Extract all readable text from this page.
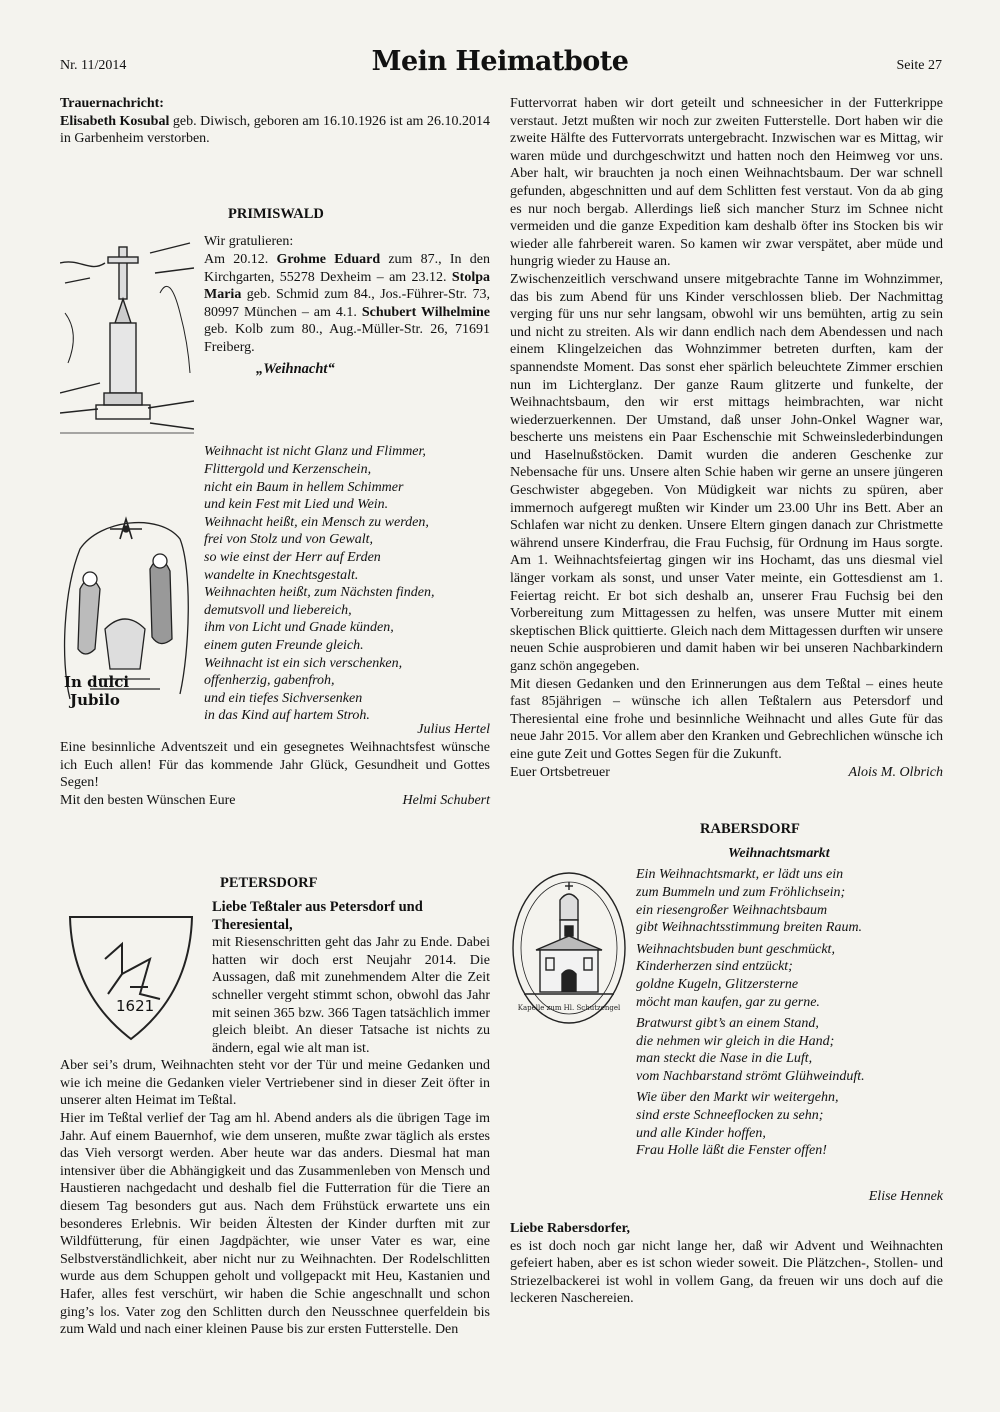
Nr. 11/2014	Mein Heimatbote	Seite 27
Trauernachricht:

Elisabeth Kosubal geb. Diwisch, geboren am 16.10.1926 ist am 26.10.2014 in Garbenheim verstorben.

PRIMISWALD
Wir gratulieren:

Am 20.12. Grohme Eduard zum 87., In den Kirchgarten, 55278 Dexheim – am 23.12. Stolpa Maria geb. Schmid zum 84., Jos.-Führer-Str. 73, 80997 München – am 4.1. Schubert Wilhelmine geb. Kolb zum 80., Aug.-Müller-Str. 26, 71691 Freiberg.

„Weihnacht“
In dulci
Jubilo
Weihnacht ist nicht Glanz und Flimmer,
Flittergold und Kerzenschein,
nicht ein Baum in hellem Schimmer
und kein Fest mit Lied und Wein.
Weihnacht heißt, ein Mensch zu werden,
frei von Stolz und von Gewalt,
so wie einst der Herr auf Erden
wandelte in Knechtsgestalt.
Weihnachten heißt, zum Nächsten finden,
demutsvoll und liebereich,
ihm von Licht und Gnade künden,
einem guten Freunde gleich.
Weihnacht ist ein sich verschenken,
offenherzig, gabenfroh,
und ein tiefes Sichversenken
in das Kind auf hartem Stroh.
Julius Hertel

Eine besinnliche Adventszeit und ein gesegnetes Weihnachtsfest wünsche ich Euch allen! Für das kommende Jahr Glück, Gesundheit und Gottes Segen!

Mit den besten Wünschen Eure	Helmi Schubert
PETERSDORF
1621
Liebe Teßtaler aus Petersdorf und Theresiental,

mit Riesenschritten geht das Jahr zu Ende. Dabei hatten wir doch erst Neujahr 2014. Die Aussagen, daß mit zunehmendem Alter die Zeit schneller vergeht stimmt schon, obwohl das Jahr mit seinen 365 bzw. 366 Tagen tatsächlich immer gleich bleibt. An dieser Tatsache ist nichts zu ändern, egal wie alt man ist.

Aber sei’s drum, Weihnachten steht vor der Tür und meine Gedanken und wie ich meine die Gedanken vieler Vertriebener sind in dieser Zeit öfter in unserer alten Heimat im Teßtal.

Hier im Teßtal verlief der Tag am hl. Abend anders als die übrigen Tage im Jahr. Auf einem Bauernhof, wie dem unseren, mußte zwar täglich als erstes das Vieh versorgt werden. Aber heute war das anders. Diesmal hat man intensiver über die Abhängigkeit und das Zusammenleben von Mensch und Haustieren nachgedacht und deshalb fiel die Futterration für die Tiere an diesem Tag besonders gut aus. Nach dem Frühstück erwartete uns ein besonderes Erlebnis. Wir beiden Ältesten der Kinder durften mit zur Wildfütterung, für einen Jagdpächter, wie unser Vater es war, eine Selbstverständlichkeit, aber nicht nur zu Weihnachten. Der Rodelschlitten wurde aus dem Schuppen geholt und vollgepackt mit Heu, Kastanien und Hafer, alles fest verschürt, wir haben die Schie angeschnallt und schon ging’s los. Vater zog den Schlitten durch den Neusschnee querfeldein bis zum Wald und nach einer kleinen Pause bis zur ersten Futterstelle. Den

Futtervorrat haben wir dort geteilt und schneesicher in der Futterkrippe verstaut. Jetzt mußten wir noch zur zweiten Futterstelle. Dort haben wir die zweite Hälfte des Futtervorrats untergebracht. Inzwischen war es Mittag, wir waren müde und durchgeschwitzt und hatten noch den Heimweg vor uns. Aber halt, wir brauchten ja noch einen Weihnachtsbaum. Der war schnell gefunden, abgeschnitten und auf dem Schlitten fest verstaut. Von da ab ging es nur noch bergab. Allerdings ließ sich mancher Sturz im Schnee nicht vermeiden und die ganze Expedition kam deshalb öfter ins Stocken bis wir wieder alle fahrbereit waren. So kamen wir zwar verspätet, aber müde und hungrig wieder zu Hause an.

Zwischenzeitlich verschwand unsere mitgebrachte Tanne im Wohnzimmer, das bis zum Abend für uns Kinder verschlossen blieb. Der Nachmittag verging für uns nur sehr langsam, obwohl wir uns bemühten, artig zu sein und nicht zu streiten. Als wir dann endlich nach dem Abendessen und nach einem Klingelzeichen das Wohnzimmer betreten durften, kam der spannendste Moment. Das sonst eher spärlich beleuchtete Zimmer erschien nun im Lichterglanz. Der ganze Raum glitzerte und funkelte, der Weihnachtsbaum, den wir erst mittags heimbrachten, war nicht wiederzuerkennen. Der Umstand, daß unser John-Onkel Wagner war, bescherte uns meistens ein Paar Eschenschie mit Schweinslederbindungen und Haselnußstöcken. Damit wurden die anderen Geschenke zur Nebensache für uns. Unsere alten Schie haben wir gerne an unsere jüngeren Geschwister abgegeben. Von Müdigkeit war nichts zu spüren, aber immernoch aufgeregt mußten wir Kinder um 23.00 Uhr ins Bett. Aber an Schlafen war nicht zu denken. Unsere Eltern gingen danach zur Christmette während unsere Kinderfrau, die Frau Fuchsig, für Ordnung im Haus sorgte. Am 1. Weihnachtsfeiertag gingen wir ins Hochamt, das uns diesmal viel länger vorkam als sonst, und unser Vater meinte, ein Gottesdienst am 1. Feiertag reicht. Er bot sich deshalb an, unserer Frau Fuchsig bei den Vorbereitung zum Mittagessen zu helfen, was unsere Mutter mit einem skeptischen Blick quittierte. Gleich nach dem Mittagessen durften wir unsere neuen Schie ausprobieren und damit haben wir bei unseren Nachbarkindern ganz schön angegeben.

Mit diesen Gedanken und den Erinnerungen aus dem Teßtal – eines heute fast 85jährigen – wünsche ich allen Teßtalern aus Petersdorf und Theresiental eine frohe und besinnliche Weihnacht und alles Gute für das neue Jahr 2015. Vor allem aber den Kranken und Gebrechlichen wünsche ich eine gute Zeit und Gottes Segen für die Zukunft.

Euer Ortsbetreuer	Alois M. Olbrich
RABERSDORF
Weihnachtsmarkt
Kapelle zum Hl. Schutzengel
Ein Weihnachtsmarkt, er lädt uns ein
zum Bummeln und zum Fröhlichsein;
ein riesengroßer Weihnachtsbaum
gibt Weihnachtsstimmung breiten Raum.
Weihnachtsbuden bunt geschmückt,
Kinderherzen sind entzückt;
goldne Kugeln, Glitzersterne
möcht man kaufen, gar zu gerne.
Bratwurst gibt’s an einem Stand,
die nehmen wir gleich in die Hand;
man steckt die Nase in die Luft,
vom Nachbarstand strömt Glühweinduft.
Wie über den Markt wir weitergehn,
sind erste Schneeflocken zu sehn;
und alle Kinder hoffen,
Frau Holle läßt die Fenster offen!
Elise Hennek
Liebe Rabersdorfer,

es ist doch noch gar nicht lange her, daß wir Advent und Weihnachten gefeiert haben, aber es ist schon wieder soweit. Die Plätzchen-, Stollen- und Striezelbackerei ist wohl in vollem Gang, da freuen wir uns doch auf die leckeren Naschereien.
